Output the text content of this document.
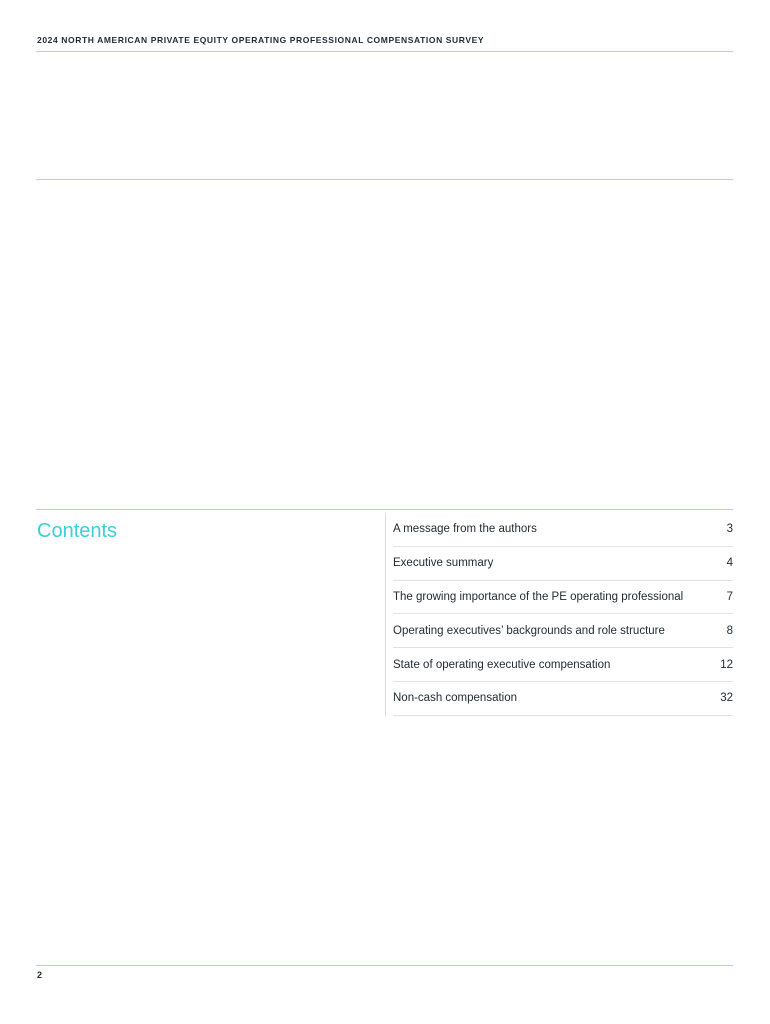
2024 NORTH AMERICAN PRIVATE EQUITY OPERATING PROFESSIONAL COMPENSATION SURVEY
Contents	A message from the authors	3
Executive summary	4
The growing importance of the PE operating professional	7
Operating executives’ backgrounds and role structure	8
State of operating executive compensation	12
Non-cash compensation	32
2
